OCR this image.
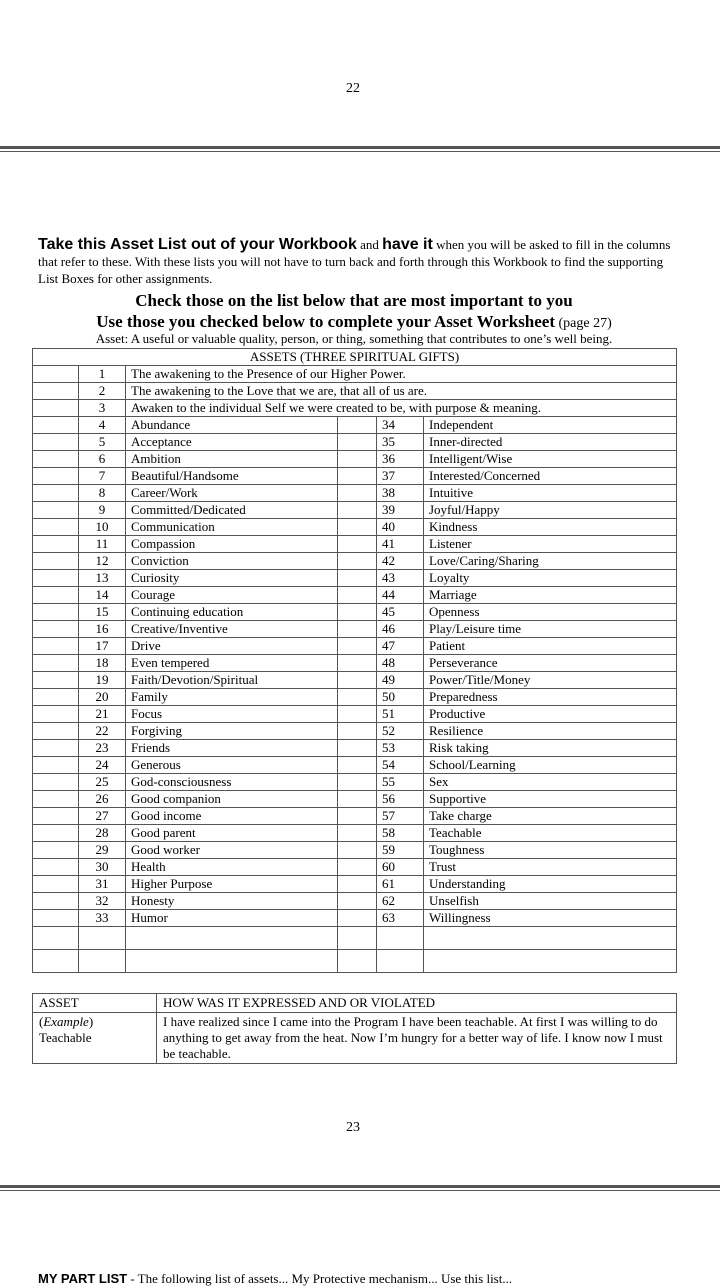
22
Take this Asset List out of your Workbook and have it when you will be asked to fill in the columns that refer to these. With these lists you will not have to turn back and forth through this Workbook to find the supporting List Boxes for other assignments.
Check those on the list below that are most important to you
Use those you checked below to complete your Asset Worksheet (page 27)
Asset: A useful or valuable quality, person, or thing, something that contributes to one’s well being.
ASSETS (THREE SPIRITUAL GIFTS)					
	1	The awakening to the Presence of our Higher Power.			
	2	The awakening to the Love that we are, that all of us are.			
	3	Awaken to the individual Self we were created to be, with purpose & meaning.			
	4	Abundance		34	Independent
	5	Acceptance		35	Inner-directed
	6	Ambition		36	Intelligent/Wise
	7	Beautiful/Handsome		37	Interested/Concerned
	8	Career/Work		38	Intuitive
	9	Committed/Dedicated		39	Joyful/Happy
	10	Communication		40	Kindness
	11	Compassion		41	Listener
	12	Conviction		42	Love/Caring/Sharing
	13	Curiosity		43	Loyalty
	14	Courage		44	Marriage
	15	Continuing education		45	Openness
	16	Creative/Inventive		46	Play/Leisure time
	17	Drive		47	Patient
	18	Even tempered		48	Perseverance
	19	Faith/Devotion/Spiritual		49	Power/Title/Money
	20	Family		50	Preparedness
	21	Focus		51	Productive
	22	Forgiving		52	Resilience
	23	Friends		53	Risk taking
	24	Generous		54	School/Learning
	25	God-consciousness		55	Sex
	26	Good companion		56	Supportive
	27	Good income		57	Take charge
	28	Good parent		58	Teachable
	29	Good worker		59	Toughness
	30	Health		60	Trust
	31	Higher Purpose		61	Understanding
	32	Honesty		62	Unselfish
	33	Humor		63	Willingness

ASSET	HOW WAS IT EXPRESSED AND OR VIOLATED
(Example)
Teachable	I have realized since I came into the Program I have been teachable. At first I was willing to do anything to get away from the heat. Now I’m hungry for a better way of life. I know now I must be teachable.
23
MY PART LIST - The following list of assets... My Protective mechanism... Use this list...
